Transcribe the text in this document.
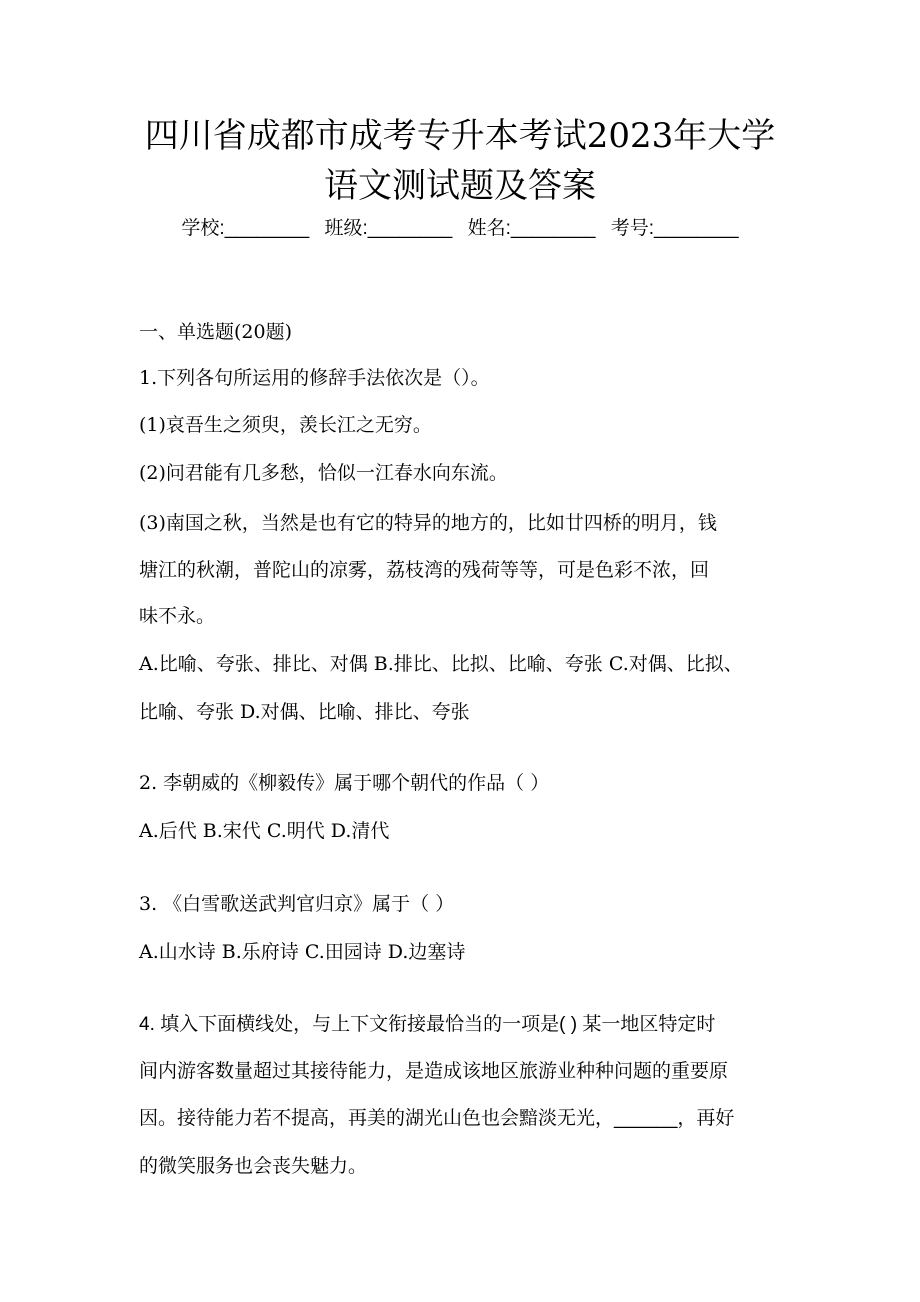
四川省成都市成考专升本考试2023年大学
语文测试题及答案
学校:________ 班级:________ 姓名:________ 考号:________
一、单选题(20题)
1.下列各句所运用的修辞手法依次是（）。
(1)哀吾生之须臾，羡长江之无穷。
(2)问君能有几多愁，恰似一江春水向东流。
(3)南国之秋，当然是也有它的特异的地方的，比如廿四桥的明月，钱
塘江的秋潮，普陀山的凉雾，荔枝湾的残荷等等，可是色彩不浓，回
味不永。
A.比喻、夸张、排比、对偶 B.排比、比拟、比喻、夸张 C.对偶、比拟、
比喻、夸张 D.对偶、比喻、排比、夸张
2. 李朝威的《柳毅传》属于哪个朝代的作品（ ）
A.后代 B.宋代 C.明代 D.清代
3. 《白雪歌送武判官归京》属于（ ）
A.山水诗 B.乐府诗 C.田园诗 D.边塞诗
4. 填入下面横线处，与上下文衔接最恰当的一项是( ) 某一地区特定时
间内游客数量超过其接待能力，是造成该地区旅游业种种问题的重要原
因。接待能力若不提高，再美的湖光山色也会黯淡无光，______，再好
的微笑服务也会丧失魅力。
